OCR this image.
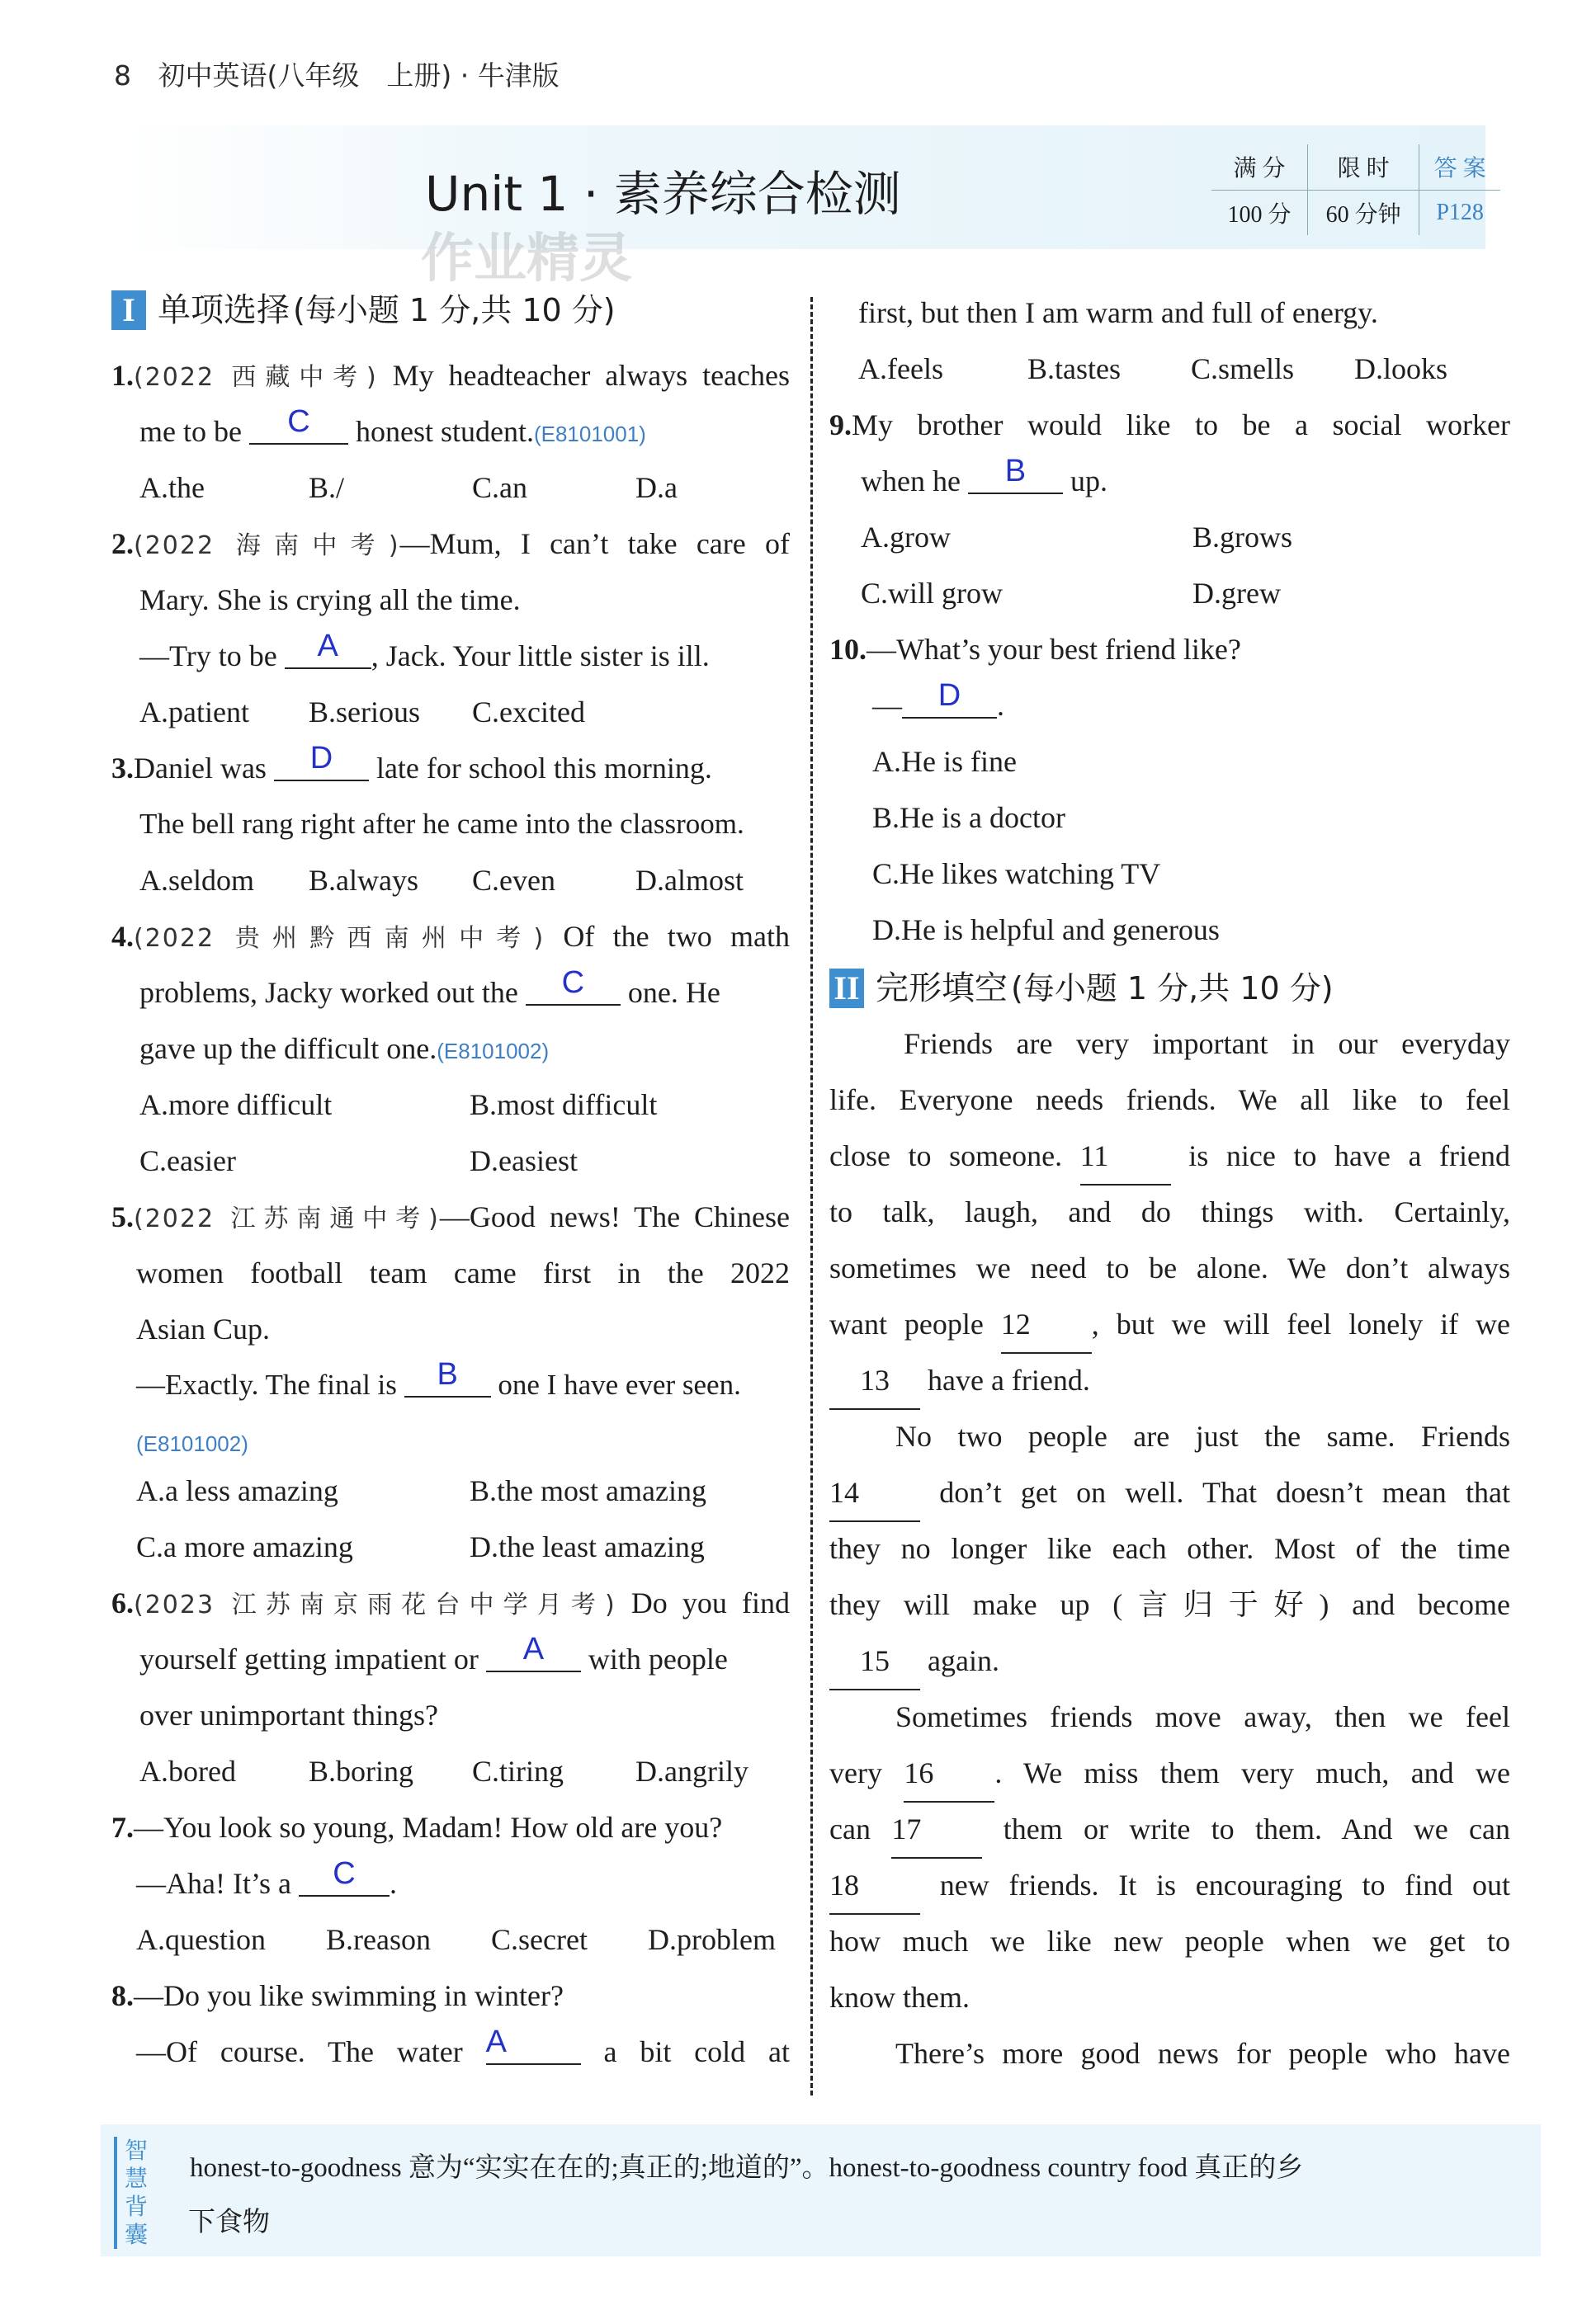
8 初中英语(八年级　上册) · 牛津版
Unit 1 · 素养综合检测
作业精灵
满 分	限 时	答 案
100 分	60 分钟	P128
I 单项选择 (每小题 1 分,共 10 分)
1.(2022 西藏中考) My headteacher always teaches
me to be	C	honest student.(E8101001)
A.the	B./	C.an	D.a
2.(2022 海南中考)—Mum, I can’t take care of
Mary. She is crying all the time.
—Try to be	A	, Jack. Your little sister is ill.
A.patient	B.serious	C.excited
3.Daniel was	D	late for school this morning.
The bell rang right after he came into the classroom.
A.seldom	B.always	C.even	D.almost
4.(2022 贵州黔西南州中考) Of the two math
problems, Jacky worked out the	C	one. He
gave up the difficult one.(E8101002)
A.more difficult	B.most difficult
C.easier	D.easiest
5.(2022 江苏南通中考)—Good news! The Chinese
women football team came first in the 2022
Asian Cup.
—Exactly. The final is	B	one I have ever seen.
(E8101002)
A.a less amazing	B.the most amazing
C.a more amazing	D.the least amazing
6.(2023 江苏南京雨花台中学月考) Do you find
yourself getting impatient or	A	with people
over unimportant things?
A.bored	B.boring	C.tiring	D.angrily
7.—You look so young, Madam! How old are you?
—Aha! It’s a	C	.
A.question	B.reason	C.secret	D.problem
8.—Do you like swimming in winter?
—Of course. The water A	a bit cold at
first, but then I am warm and full of energy.
A.feels	B.tastes	C.smells	D.looks
9.My brother would like to be a social worker
when he	B	up.
A.grow	B.grows
C.will grow	D.grew
10.—What’s your best friend like?
—	D	.
A.He is fine
B.He is a doctor
C.He likes watching TV
D.He is helpful and generous
II 完形填空 (每小题 1 分,共 10 分)
Friends are very important in our everyday
life. Everyone needs friends. We all like to feel
close to someone. 11	is nice to have a friend
to talk, laugh, and do things with. Certainly,
sometimes we need to be alone. We don’t always
want people 12 , but we will feel lonely if we
13 have a friend.
No two people are just the same. Friends
14	don’t get on well. That doesn’t mean that
they no longer like each other. Most of the time
they will make up (言归于好) and become
15 again.
Sometimes friends move away, then we feel
very 16 . We miss them very much, and we
can 17	them or write to them. And we can
18	new friends. It is encouraging to find out
how much we like new people when we get to
know them.
There’s more good news for people who have
智慧背囊
honest-to-goodness 意为“实实在在的;真正的;地道的”。honest-to-goodness country food 真正的乡
下食物
